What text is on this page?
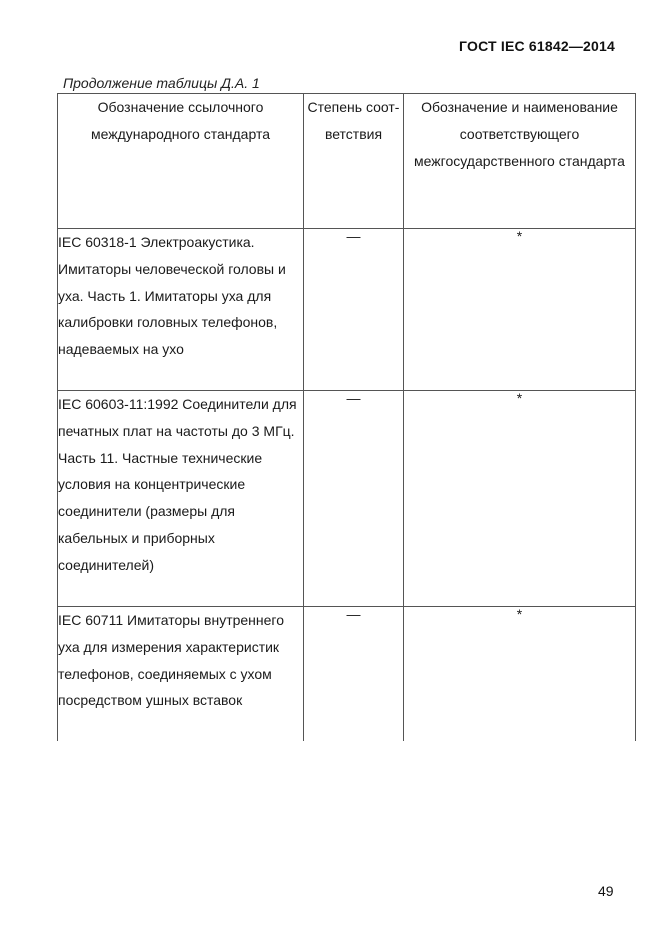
ГОСТ IEC 61842—2014
Продолжение таблицы Д.А. 1
Обозначение ссылочного международного стандарта	Степень соот-ветствия	Обозначение и наименование соответствующего межгосударственного стандарта
IEC 60318-1 Электроакустика. Имитаторы человеческой головы и уха. Часть 1. Имитаторы уха для калибровки головных телефонов, надеваемых на ухо	—	*
IEC 60603-11:1992 Соединители для печатных плат на частоты до 3 МГц. Часть 11. Частные технические условия на концентрические соединители (размеры для кабельных и приборных соединителей)	—	*
IEC 60711 Имитаторы внутреннего уха для измерения характеристик телефонов, соединяемых с ухом посредством ушных вставок	—	*
49
